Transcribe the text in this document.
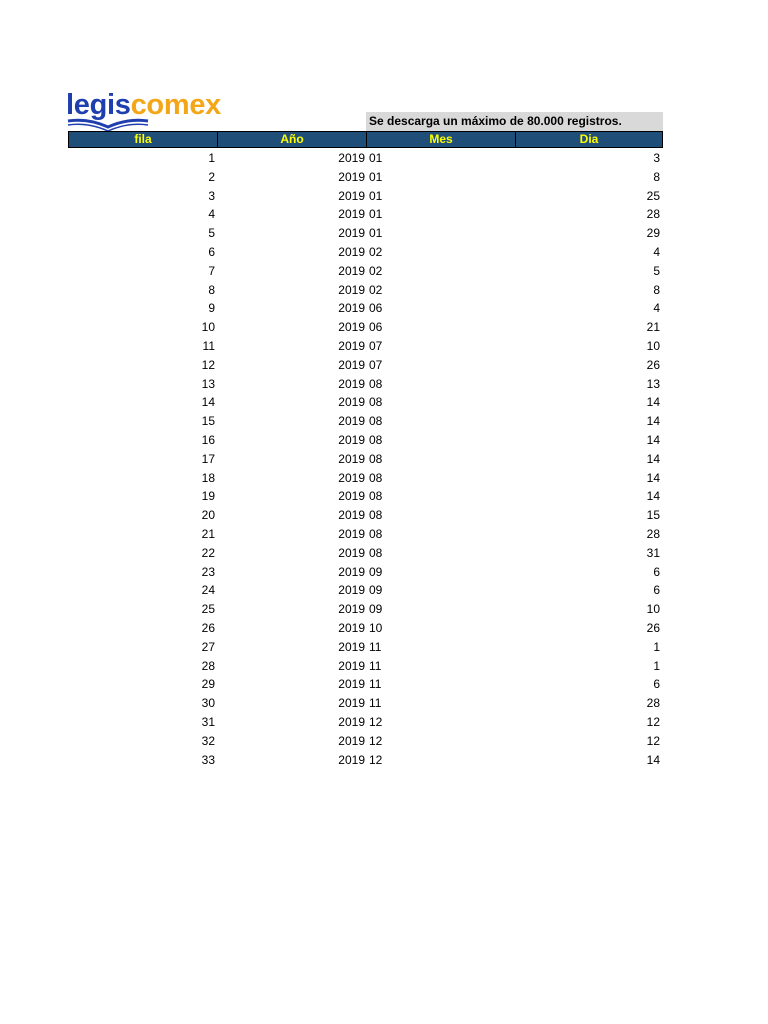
legiscomex	Se descarga un máximo de 80.000 registros.
fila	Año	Mes	Dia
1	2019 01	3
2	2019 01	8
3	2019 01	25
4	2019 01	28
5	2019 01	29
6	2019 02	4
7	2019 02	5
8	2019 02	8
9	2019 06	4
10	2019 06	21
11	2019 07	10
12	2019 07	26
13	2019 08	13
14	2019 08	14
15	2019 08	14
16	2019 08	14
17	2019 08	14
18	2019 08	14
19	2019 08	14
20	2019 08	15
21	2019 08	28
22	2019 08	31
23	2019 09	6
24	2019 09	6
25	2019 09	10
26	2019 10	26
27	2019 11	1
28	2019 11	1
29	2019 11	6
30	2019 11	28
31	2019 12	12
32	2019 12	12
33	2019 12	14
